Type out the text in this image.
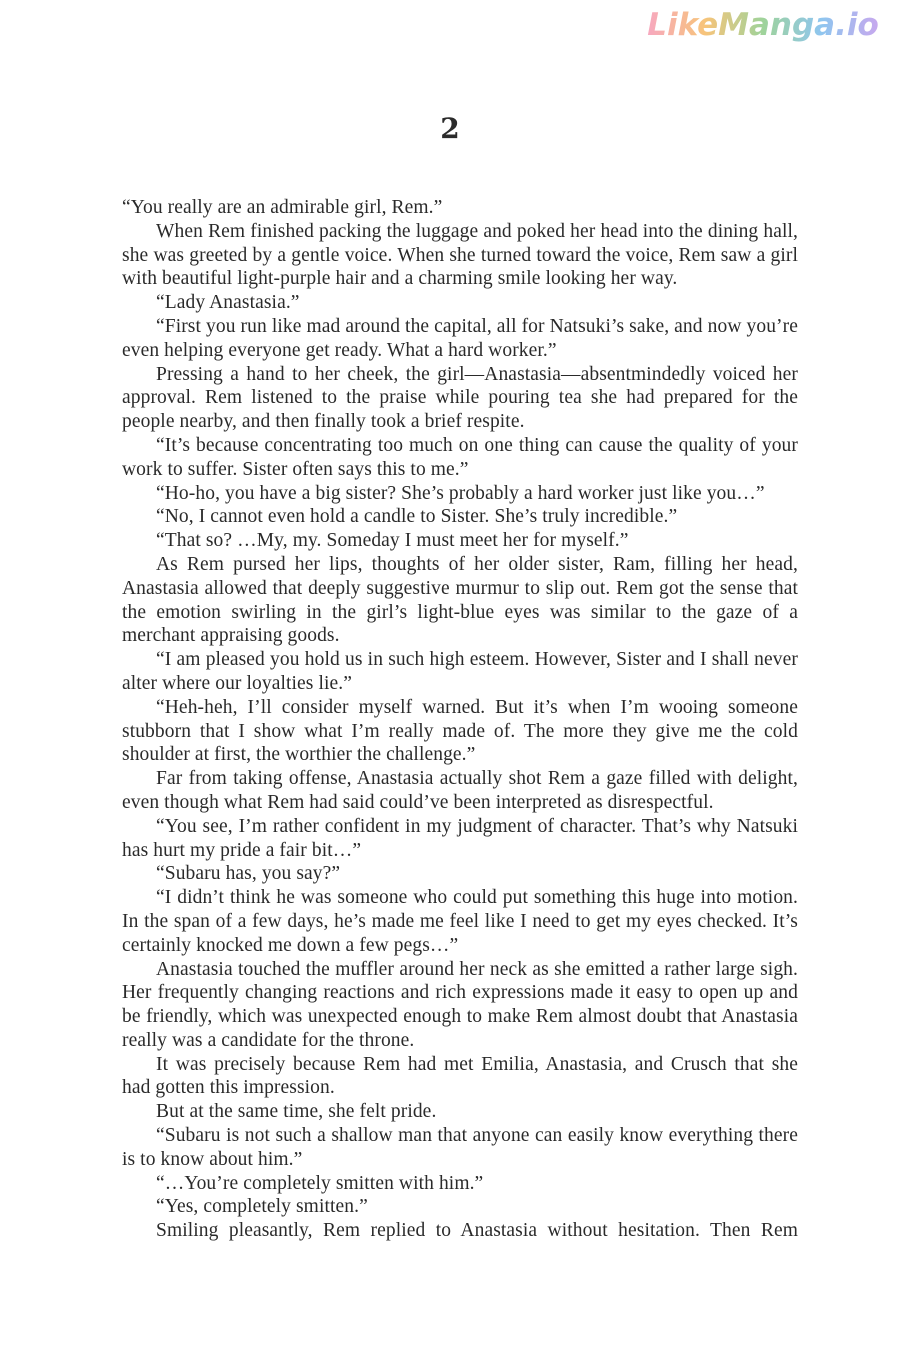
LikeManga.io
2

“You really are an admirable girl, Rem.”

When Rem finished packing the luggage and poked her head into the dining hall, she was greeted by a gentle voice. When she turned toward the voice, Rem saw a girl with beautiful light-purple hair and a charming smile looking her way.

“Lady Anastasia.”

“First you run like mad around the capital, all for Natsuki’s sake, and now you’re even helping everyone get ready. What a hard worker.”

Pressing a hand to her cheek, the girl—Anastasia—absentmindedly voiced her approval. Rem listened to the praise while pouring tea she had prepared for the people nearby, and then finally took a brief respite.

“It’s because concentrating too much on one thing can cause the quality of your work to suffer. Sister often says this to me.”

“Ho-ho, you have a big sister? She’s probably a hard worker just like you…”

“No, I cannot even hold a candle to Sister. She’s truly incredible.”

“That so? …My, my. Someday I must meet her for myself.”

As Rem pursed her lips, thoughts of her older sister, Ram, filling her head, Anastasia allowed that deeply suggestive murmur to slip out. Rem got the sense that the emotion swirling in the girl’s light-blue eyes was similar to the gaze of a merchant appraising goods.

“I am pleased you hold us in such high esteem. However, Sister and I shall never alter where our loyalties lie.”

“Heh-heh, I’ll consider myself warned. But it’s when I’m wooing someone stubborn that I show what I’m really made of. The more they give me the cold shoulder at first, the worthier the challenge.”

Far from taking offense, Anastasia actually shot Rem a gaze filled with delight, even though what Rem had said could’ve been interpreted as disrespectful.

“You see, I’m rather confident in my judgment of character. That’s why Natsuki has hurt my pride a fair bit…”

“Subaru has, you say?”

“I didn’t think he was someone who could put something this huge into motion. In the span of a few days, he’s made me feel like I need to get my eyes checked. It’s certainly knocked me down a few pegs…”

Anastasia touched the muffler around her neck as she emitted a rather large sigh. Her frequently changing reactions and rich expressions made it easy to open up and be friendly, which was unexpected enough to make Rem almost doubt that Anastasia really was a candidate for the throne.

It was precisely because Rem had met Emilia, Anastasia, and Crusch that she had gotten this impression.

But at the same time, she felt pride.

“Subaru is not such a shallow man that anyone can easily know everything there is to know about him.”

“…You’re completely smitten with him.”

“Yes, completely smitten.”

Smiling pleasantly, Rem replied to Anastasia without hesitation. Then Rem
